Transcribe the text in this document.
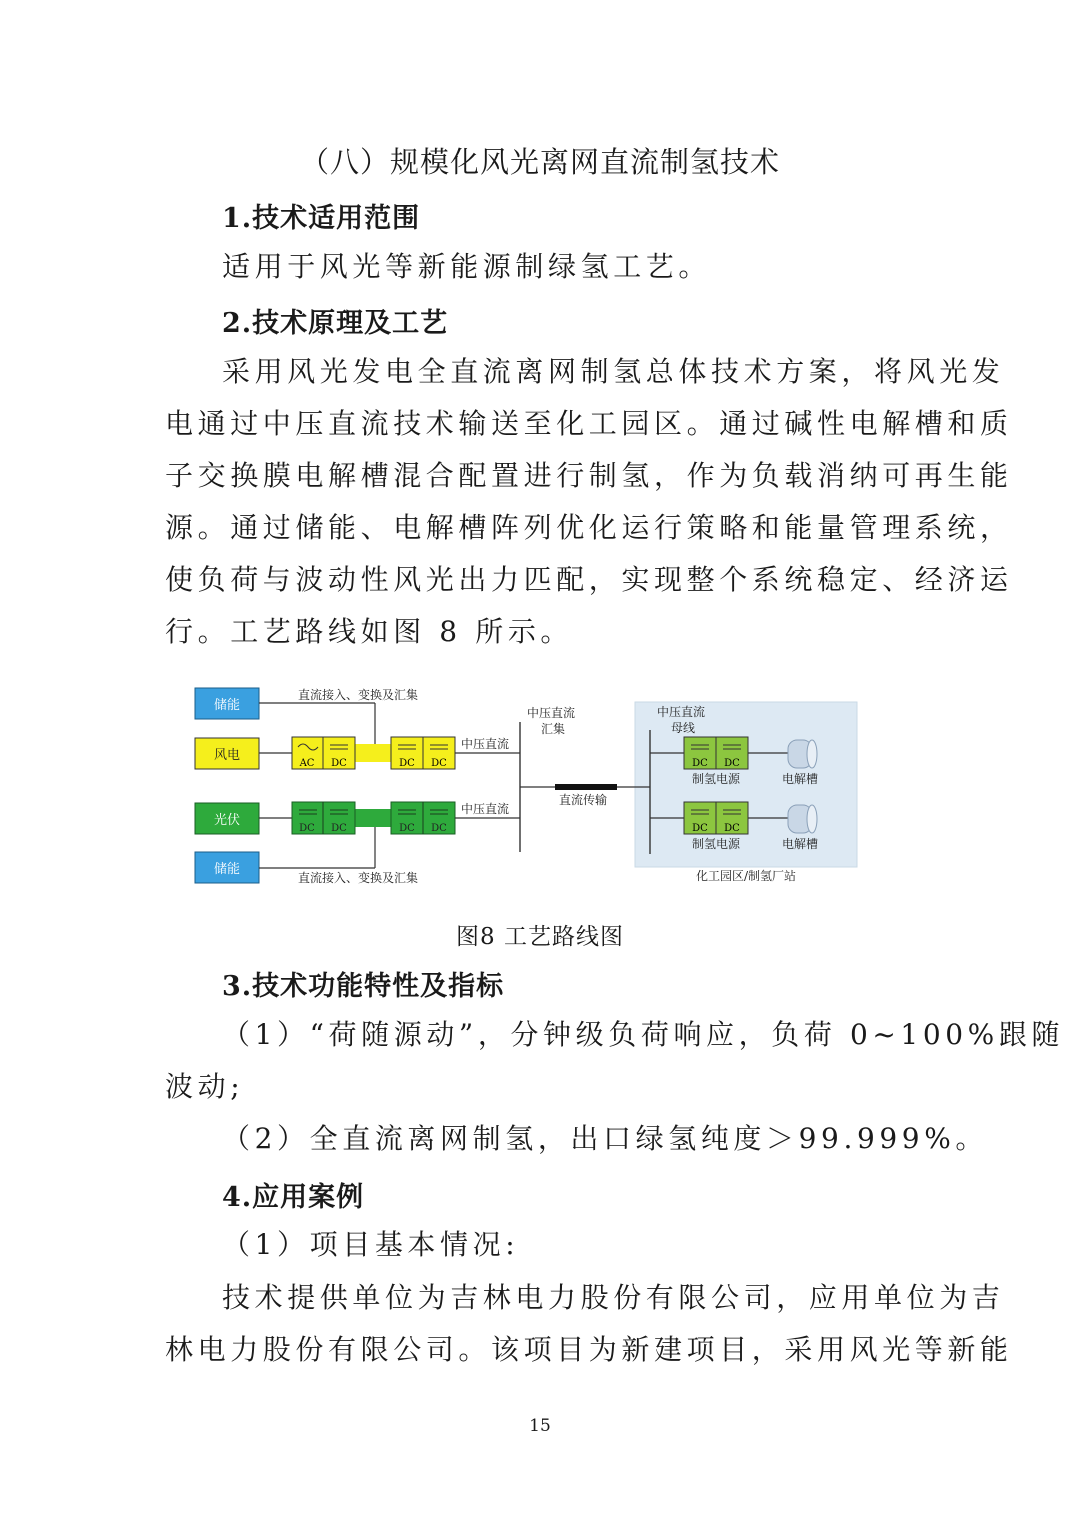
（八）规模化风光离网直流制氢技术
1.技术适用范围
适用于风光等新能源制绿氢工艺。
2.技术原理及工艺
采用风光发电全直流离网制氢总体技术方案，将风光发
电通过中压直流技术输送至化工园区。通过碱性电解槽和质
子交换膜电解槽混合配置进行制氢，作为负载消纳可再生能
源。通过储能、电解槽阵列优化运行策略和能量管理系统，
使负荷与波动性风光出力匹配，实现整个系统稳定、经济运
行。工艺路线如图 8 所示。
储能
风电
光伏
储能
直流接入、变换及汇集
直流接入、变换及汇集
AC DC	DC DC
中压直流
DC DC	DC DC
中压直流
中压直流
汇集
直流传输
中压直流
母线
DC DC
制氢电源	电解槽
DC DC
制氢电源	电解槽
化工园区/制氢厂站
图8 工艺路线图
3.技术功能特性及指标
（1）“荷随源动”，分钟级负荷响应，负荷 0~100%跟随
波动;
（2）全直流离网制氢，出口绿氢纯度＞99.999%。
4.应用案例
（1）项目基本情况:
技术提供单位为吉林电力股份有限公司，应用单位为吉
林电力股份有限公司。该项目为新建项目，采用风光等新能
15
